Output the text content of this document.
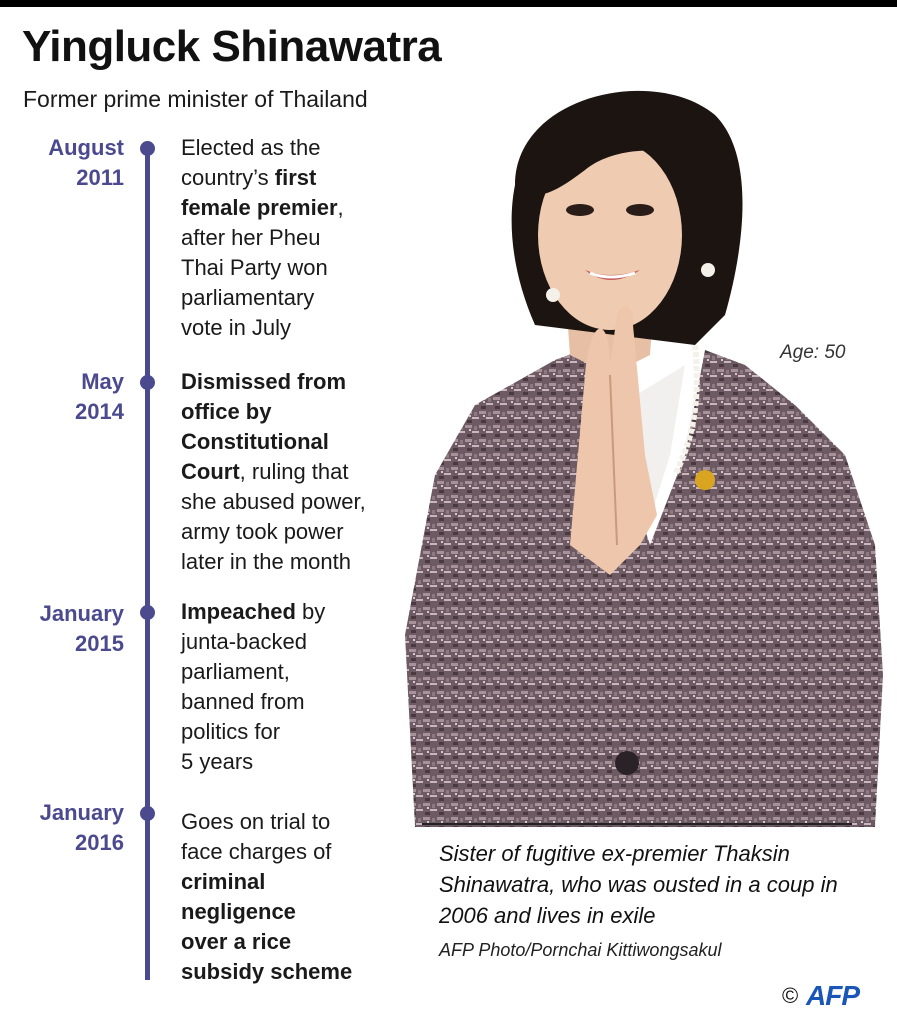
Yingluck Shinawatra
Former prime minister of Thailand
August
2011
Elected as the
country’s first
female premier,
after her Pheu
Thai Party won
parliamentary
vote in July
May
2014
Dismissed from
office by
Constitutional
Court, ruling that
she abused power,
army took power
later in the month
January
2015
Impeached by
junta-backed
parliament,
banned from
politics for
5 years
January
2016
Goes on trial to
face charges of
criminal
negligence
over a rice
subsidy scheme
Age: 50
Sister of fugitive ex-premier Thaksin Shinawatra, who was ousted in a coup in 2006 and lives in exile
AFP Photo/Pornchai Kittiwongsakul
© AFP
